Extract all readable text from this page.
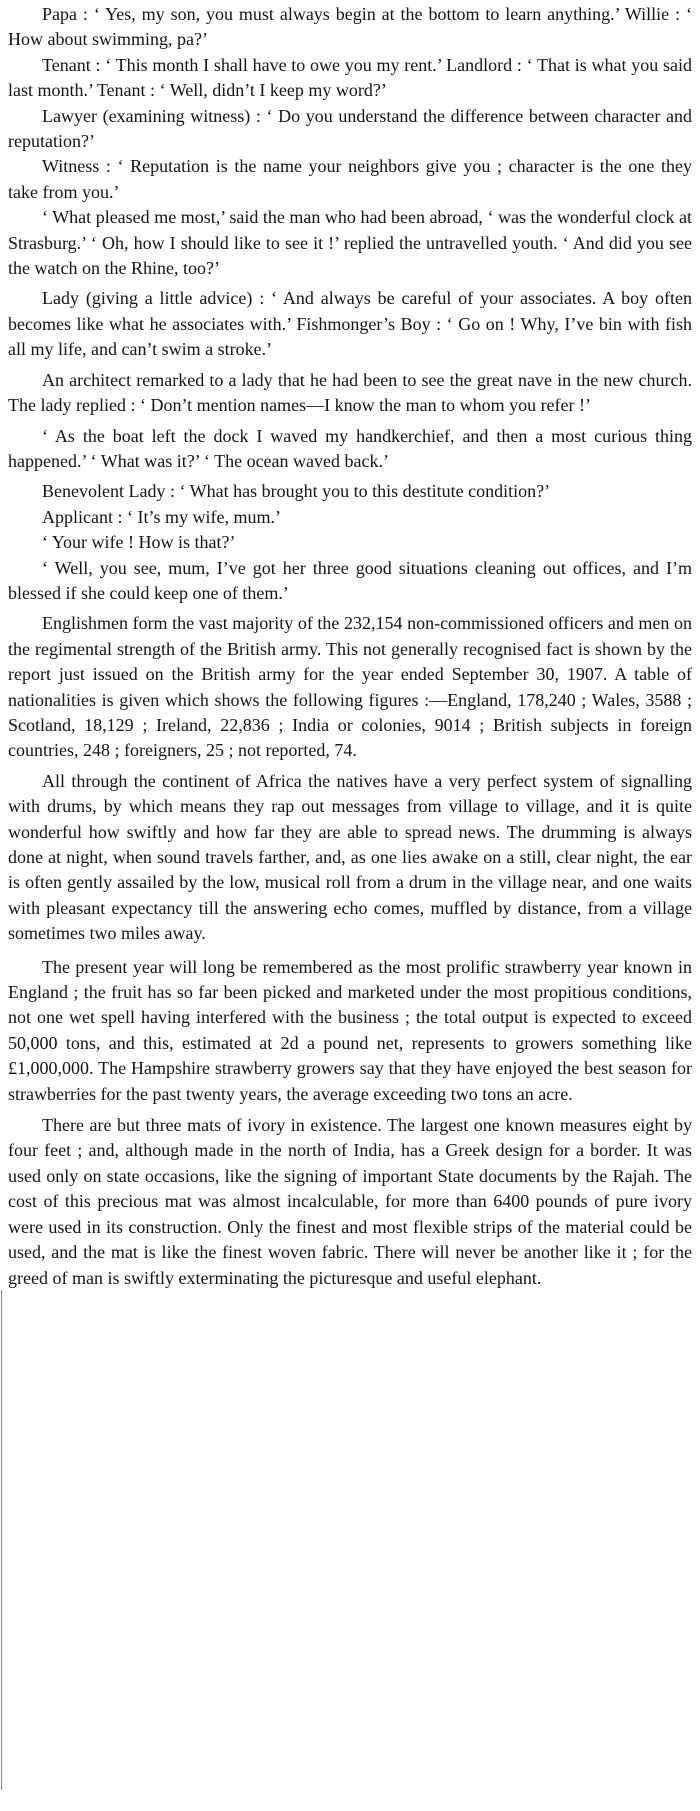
Papa : ‘ Yes, my son, you must always begin at the bottom to learn anything.’ Willie : ‘ How about swimming, pa?’

Tenant : ‘ This month I shall have to owe you my rent.’ Landlord : ‘ That is what you said last month.’ Tenant : ‘ Well, didn’t I keep my word?’

Lawyer (examining witness) : ‘ Do you understand the difference between character and reputation?’

Witness : ‘ Reputation is the name your neighbors give you ; character is the one they take from you.’

‘ What pleased me most,’ said the man who had been abroad, ‘ was the wonderful clock at Strasburg.’ ‘ Oh, how I should like to see it !’ replied the untravelled youth. ‘ And did you see the watch on the Rhine, too?’

Lady (giving a little advice) : ‘ And always be careful of your associates. A boy often becomes like what he associates with.’ Fishmonger’s Boy : ‘ Go on ! Why, I’ve bin with fish all my life, and can’t swim a stroke.’

An architect remarked to a lady that he had been to see the great nave in the new church. The lady replied : ‘ Don’t mention names—I know the man to whom you refer !’

‘ As the boat left the dock I waved my handkerchief, and then a most curious thing happened.’ ‘ What was it?’ ‘ The ocean waved back.’

Benevolent Lady : ‘ What has brought you to this destitute condition?’

Applicant : ‘ It’s my wife, mum.’

‘ Your wife ! How is that?’

‘ Well, you see, mum, I’ve got her three good situations cleaning out offices, and I’m blessed if she could keep one of them.’

Englishmen form the vast majority of the 232,154 non-commissioned officers and men on the regimental strength of the British army. This not generally recognised fact is shown by the report just issued on the British army for the year ended September 30, 1907. A table of nationalities is given which shows the following figures :—England, 178,240 ; Wales, 3588 ; Scotland, 18,129 ; Ireland, 22,836 ; India or colonies, 9014 ; British subjects in foreign countries, 248 ; foreigners, 25 ; not reported, 74.

All through the continent of Africa the natives have a very perfect system of signalling with drums, by which means they rap out messages from village to village, and it is quite wonderful how swiftly and how far they are able to spread news. The drumming is always done at night, when sound travels farther, and, as one lies awake on a still, clear night, the ear is often gently assailed by the low, musical roll from a drum in the village near, and one waits with pleasant expectancy till the answering echo comes, muffled by distance, from a village sometimes two miles away.

The present year will long be remembered as the most prolific strawberry year known in England ; the fruit has so far been picked and marketed under the most propitious conditions, not one wet spell having interfered with the business ; the total output is expected to exceed 50,000 tons, and this, estimated at 2d a pound net, represents to growers something like £1,000,000. The Hampshire strawberry growers say that they have enjoyed the best season for strawberries for the past twenty years, the average exceeding two tons an acre.

There are but three mats of ivory in existence. The largest one known measures eight by four feet ; and, although made in the north of India, has a Greek design for a border. It was used only on state occasions, like the signing of important State documents by the Rajah. The cost of this precious mat was almost incalculable, for more than 6400 pounds of pure ivory were used in its construction. Only the finest and most flexible strips of the material could be used, and the mat is like the finest woven fabric. There will never be another like it ; for the greed of man is swiftly exterminating the picturesque and useful elephant.
